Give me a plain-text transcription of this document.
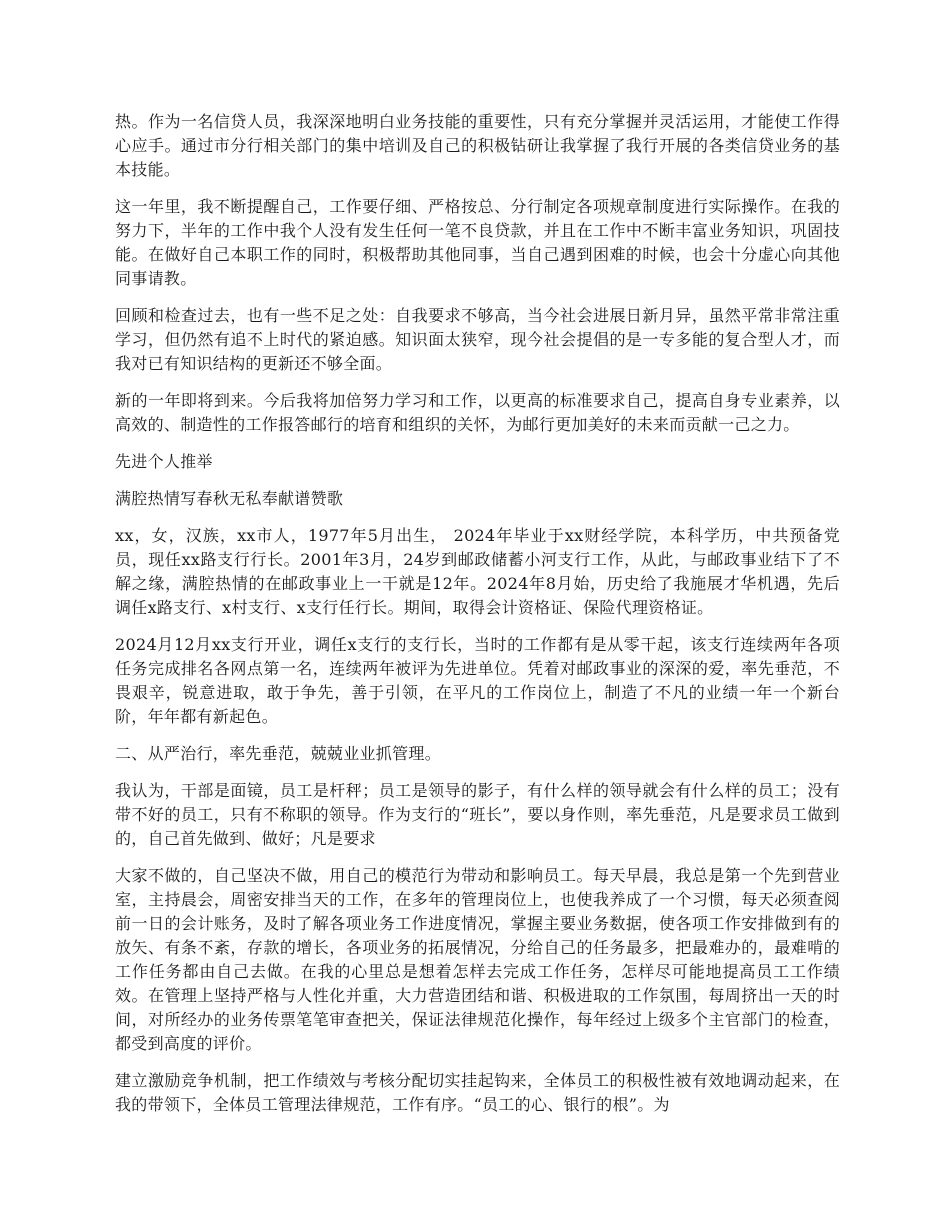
热。作为一名信贷人员，我深深地明白业务技能的重要性，只有充分掌握并灵活运用，才能使工作得心应手。通过市分行相关部门的集中培训及自己的积极钻研让我掌握了我行开展的各类信贷业务的基本技能。

这一年里，我不断提醒自己，工作要仔细、严格按总、分行制定各项规章制度进行实际操作。在我的努力下，半年的工作中我个人没有发生任何一笔不良贷款，并且在工作中不断丰富业务知识，巩固技能。在做好自己本职工作的同时，积极帮助其他同事，当自己遇到困难的时候，也会十分虚心向其他同事请教。

回顾和检查过去，也有一些不足之处：自我要求不够高，当今社会进展日新月异，虽然平常非常注重学习，但仍然有追不上时代的紧迫感。知识面太狭窄，现今社会提倡的是一专多能的复合型人才，而我对已有知识结构的更新还不够全面。

新的一年即将到来。今后我将加倍努力学习和工作，以更高的标准要求自己，提高自身专业素养，以高效的、制造性的工作报答邮行的培育和组织的关怀，为邮行更加美好的未来而贡献一己之力。

先进个人推举

满腔热情写春秋无私奉献谱赞歌

xx，女，汉族，xx市人，1977年5月出生， 2024年毕业于xx财经学院，本科学历，中共预备党员，现任xx路支行行长。2001年3月，24岁到邮政储蓄小河支行工作，从此，与邮政事业结下了不解之缘，满腔热情的在邮政事业上一干就是12年。2024年8月始，历史给了我施展才华机遇，先后调任x路支行、x村支行、x支行任行长。期间，取得会计资格证、保险代理资格证。

2024月12月xx支行开业，调任x支行的支行长，当时的工作都有是从零干起，该支行连续两年各项任务完成排名各网点第一名，连续两年被评为先进单位。凭着对邮政事业的深深的爱，率先垂范，不畏艰辛，锐意进取，敢于争先，善于引领，在平凡的工作岗位上，制造了不凡的业绩一年一个新台阶，年年都有新起色。

二、从严治行，率先垂范，兢兢业业抓管理。

我认为，干部是面镜，员工是杆秤；员工是领导的影子，有什么样的领导就会有什么样的员工；没有带不好的员工，只有不称职的领导。作为支行的“班长”，要以身作则，率先垂范，凡是要求员工做到的，自己首先做到、做好；凡是要求

大家不做的，自己坚决不做，用自己的模范行为带动和影响员工。每天早晨，我总是第一个先到营业室，主持晨会，周密安排当天的工作，在多年的管理岗位上，也使我养成了一个习惯，每天必须查阅前一日的会计账务，及时了解各项业务工作进度情况，掌握主要业务数据，使各项工作安排做到有的放矢、有条不紊，存款的增长，各项业务的拓展情况，分给自己的任务最多，把最难办的，最难啃的工作任务都由自己去做。在我的心里总是想着怎样去完成工作任务，怎样尽可能地提高员工工作绩效。在管理上坚持严格与人性化并重，大力营造团结和谐、积极进取的工作氛围，每周挤出一天的时间，对所经办的业务传票笔笔审查把关，保证法律规范化操作，每年经过上级多个主官部门的检查，都受到高度的评价。

建立激励竞争机制，把工作绩效与考核分配切实挂起钩来，全体员工的积极性被有效地调动起来，在我的带领下，全体员工管理法律规范，工作有序。“员工的心、银行的根”。为
